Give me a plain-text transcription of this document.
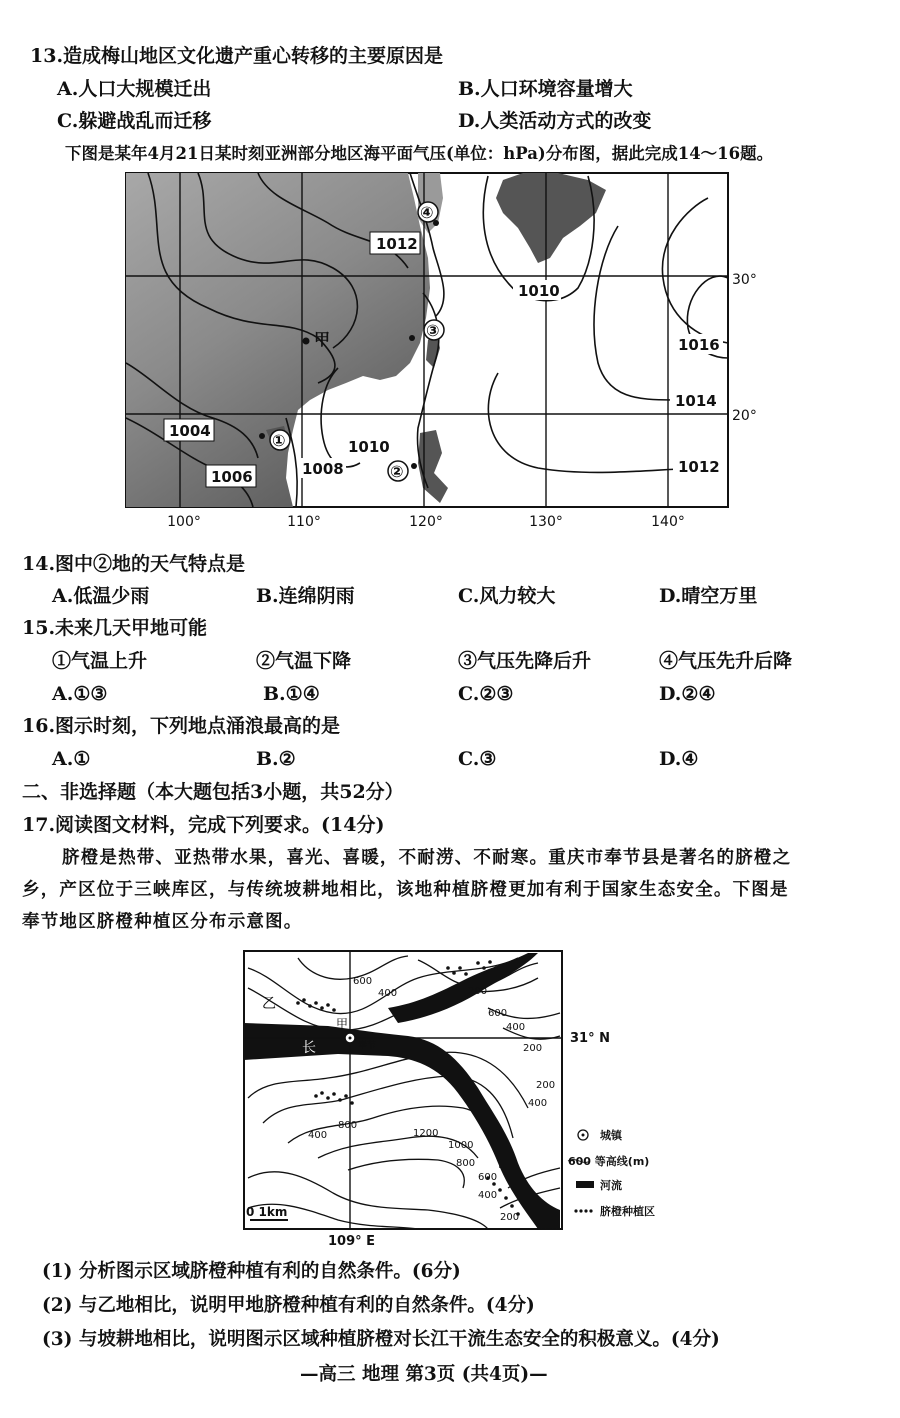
13.造成梅山地区文化遗产重心转移的主要原因是
A.人口大规模迁出	B.人口环境容量增大
C.躲避战乱而迁移	D.人类活动方式的改变
下图是某年4月21日某时刻亚洲部分地区海平面气压(单位：hPa)分布图，据此完成14～16题。
1012
1010
1016
1014
1012
1004
1006	1008
1010
④
③
①
②
甲
30°
20°
100°	110°	120°	130°	140°
14.图中②地的天气特点是
A.低温少雨	B.连绵阴雨	C.风力较大	D.晴空万里
15.未来几天甲地可能
①气温上升	②气温下降	③气压先降后升	④气压先升后降
A.①③	B.①④	C.②③	D.②④
16.图示时刻，下列地点涌浪最高的是
A.①	B.②	C.③	D.④
二、非选择题（本大题包括3小题，共52分）
17.阅读图文材料，完成下列要求。(14分)
脐橙是热带、亚热带水果，喜光、喜暖，不耐涝、不耐寒。重庆市奉节县是著名的脐橙之
乡，产区位于三峡库区，与传统坡耕地相比，该地种植脐橙更加有利于国家生态安全。下图是
奉节地区脐橙种植区分布示意图。
600
400	200
600
400
200
400
800
1200
1000
800
600
400
200
400
200
乙
甲
长	奉节
江
31° N
109° E
0 1km
城镇
600 等高线(m)
河流
脐橙种植区
(1) 分析图示区域脐橙种植有利的自然条件。(6分)
(2) 与乙地相比，说明甲地脐橙种植有利的自然条件。(4分)
(3) 与坡耕地相比，说明图示区域种植脐橙对长江干流生态安全的积极意义。(4分)
—高三 地理 第3页 (共4页)—
